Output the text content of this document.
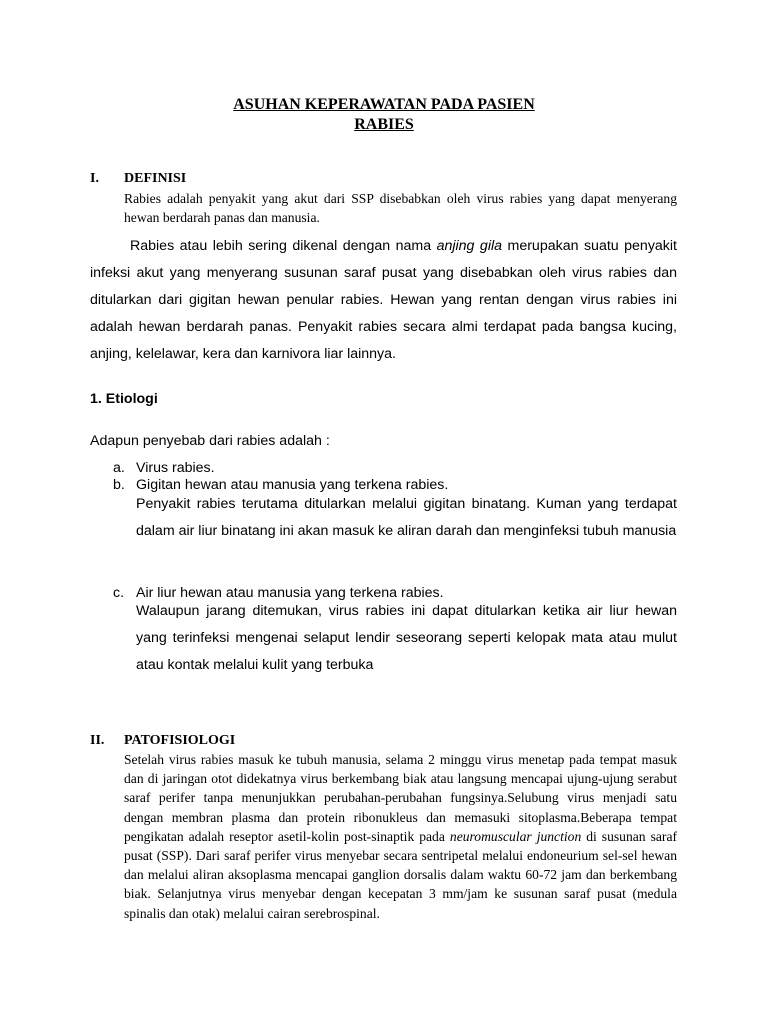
ASUHAN KEPERAWATAN PADA PASIEN
RABIES
I. DEFINISI

Rabies adalah penyakit yang akut dari SSP disebabkan oleh virus rabies yang dapat menyerang hewan berdarah panas dan manusia.

Rabies atau lebih sering dikenal dengan nama anjing gila merupakan suatu penyakit infeksi akut yang menyerang susunan saraf pusat yang disebabkan oleh virus rabies dan ditularkan dari gigitan hewan penular rabies. Hewan yang rentan dengan virus rabies ini adalah hewan berdarah panas. Penyakit rabies secara almi terdapat pada bangsa kucing, anjing, kelelawar, kera dan karnivora liar lainnya.

1. Etiologi
Adapun penyebab dari rabies adalah :
a. Virus rabies.
b. Gigitan hewan atau manusia yang terkena rabies.

Penyakit rabies terutama ditularkan melalui gigitan binatang. Kuman yang terdapat dalam air liur binatang ini akan masuk ke aliran darah dan menginfeksi tubuh manusia

c. Air liur hewan atau manusia yang terkena rabies.

Walaupun jarang ditemukan, virus rabies ini dapat ditularkan ketika air liur hewan yang terinfeksi mengenai selaput lendir seseorang seperti kelopak mata atau mulut atau kontak melalui kulit yang terbuka

II. PATOFISIOLOGI

Setelah virus rabies masuk ke tubuh manusia, selama 2 minggu virus menetap pada tempat masuk dan di jaringan otot didekatnya virus berkembang biak atau langsung mencapai ujung-ujung serabut saraf perifer tanpa menunjukkan perubahan-perubahan fungsinya.Selubung virus menjadi satu dengan membran plasma dan protein ribonukleus dan memasuki sitoplasma.Beberapa tempat pengikatan adalah reseptor asetil-kolin post-sinaptik pada neuromuscular junction di susunan saraf pusat (SSP). Dari saraf perifer virus menyebar secara sentripetal melalui endoneurium sel-sel hewan dan melalui aliran aksoplasma mencapai ganglion dorsalis dalam waktu 60-72 jam dan berkembang biak. Selanjutnya virus menyebar dengan kecepatan 3 mm/jam ke susunan saraf pusat (medula spinalis dan otak) melalui cairan serebrospinal.
